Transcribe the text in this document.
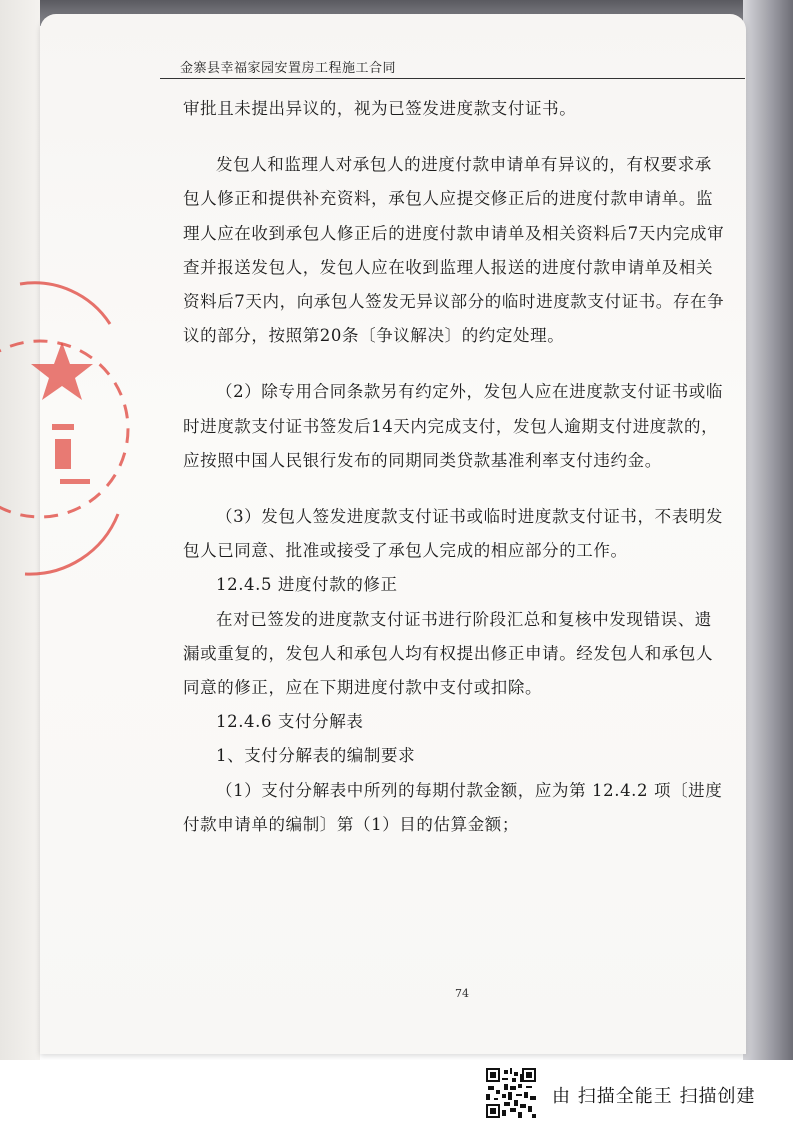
金寨县幸福家园安置房工程施工合同

审批且未提出异议的，视为已签发进度款支付证书。

发包人和监理人对承包人的进度付款申请单有异议的，有权要求承包人修正和提供补充资料，承包人应提交修正后的进度付款申请单。监理人应在收到承包人修正后的进度付款申请单及相关资料后7天内完成审查并报送发包人，发包人应在收到监理人报送的进度付款申请单及相关资料后7天内，向承包人签发无异议部分的临时进度款支付证书。存在争议的部分，按照第20条〔争议解决〕的约定处理。

（2）除专用合同条款另有约定外，发包人应在进度款支付证书或临时进度款支付证书签发后14天内完成支付，发包人逾期支付进度款的，应按照中国人民银行发布的同期同类贷款基准利率支付违约金。

（3）发包人签发进度款支付证书或临时进度款支付证书，不表明发包人已同意、批准或接受了承包人完成的相应部分的工作。

12.4.5 进度付款的修正

在对已签发的进度款支付证书进行阶段汇总和复核中发现错误、遗漏或重复的，发包人和承包人均有权提出修正申请。经发包人和承包人同意的修正，应在下期进度付款中支付或扣除。

12.4.6 支付分解表

1、支付分解表的编制要求

（1）支付分解表中所列的每期付款金额，应为第 12.4.2 项〔进度付款申请单的编制〕第（1）目的估算金额；

74
由 扫描全能王 扫描创建
